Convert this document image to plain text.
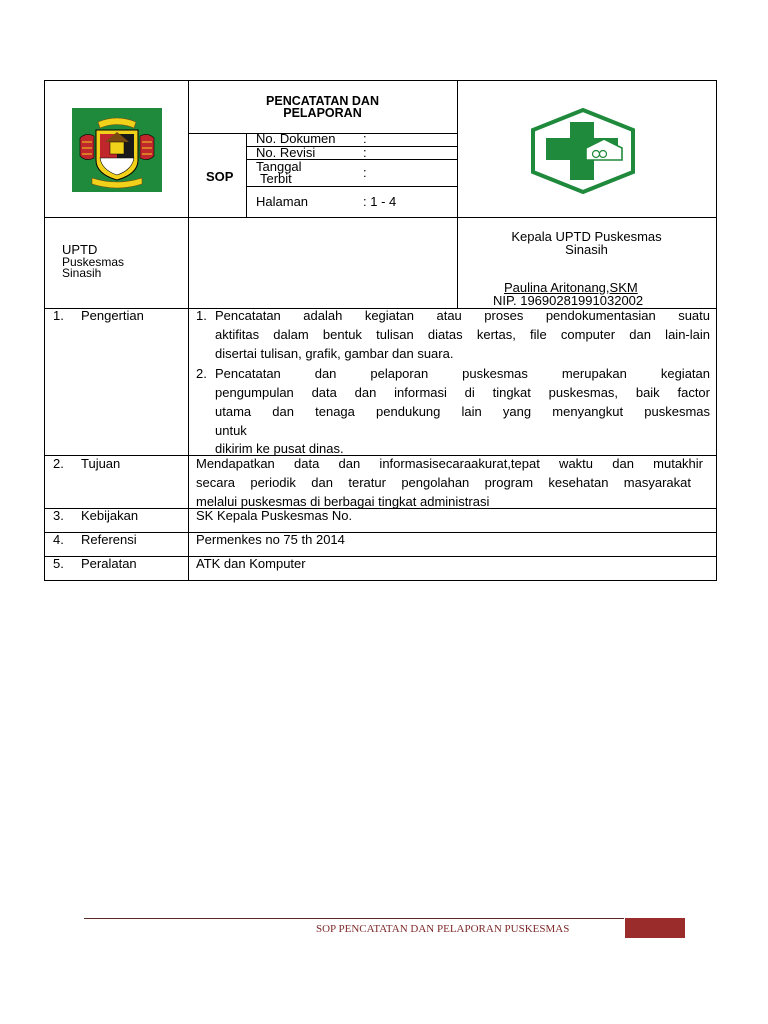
PENCATATAN DAN
PELAPORAN
SOP
No. Dokumen :
No. Revisi	:
Tanggal
Terbit	:
Halaman	: 1 - 4
UPTD
Puskesmas
Sinasih
Kepala UPTD Puskesmas
Sinasih
Paulina Aritonang,SKM
NIP. 19690281991032002
1. Pengertian	1. Pencatatan adalah kegiatan atau proses pendokumentasian suatu
aktifitas dalam bentuk tulisan diatas kertas, file computer dan lain-lain
disertai tulisan, grafik, gambar dan suara.
2. Pencatatan dan pelaporan puskesmas merupakan kegiatan
pengumpulan data dan informasi di tingkat puskesmas, baik factor
utama dan tenaga pendukung lain yang menyangkut puskesmas
untuk
dikirim ke pusat dinas.
2. Tujuan	Mendapatkan data dan informasisecaraakurat,tepat waktu dan mutakhir
secara periodik dan teratur pengolahan program kesehatan masyarakat
melalui puskesmas di berbagai tingkat administrasi
3. Kebijakan	SK Kepala Puskesmas No.
4. Referensi	Permenkes no 75 th 2014
5. Peralatan	ATK dan Komputer
SOP PENCATATAN DAN PELAPORAN PUSKESMAS
